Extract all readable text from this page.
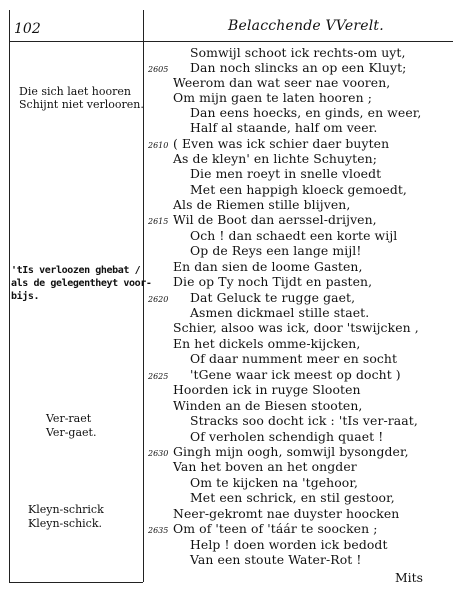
102	Belacchende VVerelt.
Die sich laet hooren
Schijnt niet verlooren.
'tIs verloozen ghebat /
als de gelegentheyt voor-
bijs.
Ver-raet
Ver-gaet.
Kleyn-schrick
Kleyn-schick.
Somwijl schoot ick rechts-om uyt,
Dan noch slincks an op een Kluyt;
Weerom dan wat seer nae vooren,
Om mijn gaen te laten hooren ;
Dan eens hoecks, en ginds, en weer,
Half al staande, half om veer.
( Even was ick schier daer buyten
As de kleyn' en lichte Schuyten;
Die men roeyt in snelle vloedt
Met een happigh kloeck gemoedt,
Als de Riemen stille blijven,
Wil de Boot dan aerssel-drijven,
Och ! dan schaedt een korte wijl
Op de Reys een lange mijl!
En dan sien de loome Gasten,
Die op Ty noch Tijdt en pasten,
Dat Geluck te rugge gaet,
Asmen dickmael stille staet.
Schier, alsoo was ick, door 'tswijcken ,
En het dickels omme-kijcken,
Of daar numment meer en socht
'tGene waar ick meest op docht )
Hoorden ick in ruyge Slooten
Winden an de Biesen stooten,
Stracks soo docht ick : 'tIs ver-raat,
Of verholen schendigh quaet !
Gingh mijn oogh, somwijl bysongder,
Van het boven an het ongder
Om te kijcken na 'tgehoor,
Met een schrick, en stil gestoor,
Neer-gekromt nae duyster hoocken
Om of 'teen of 'táár te soocken ;
Help ! doen worden ick bedodt
Van een stoute Water-Rot !
2605
2610
2615
2620
2625
2630
2635
Mits
